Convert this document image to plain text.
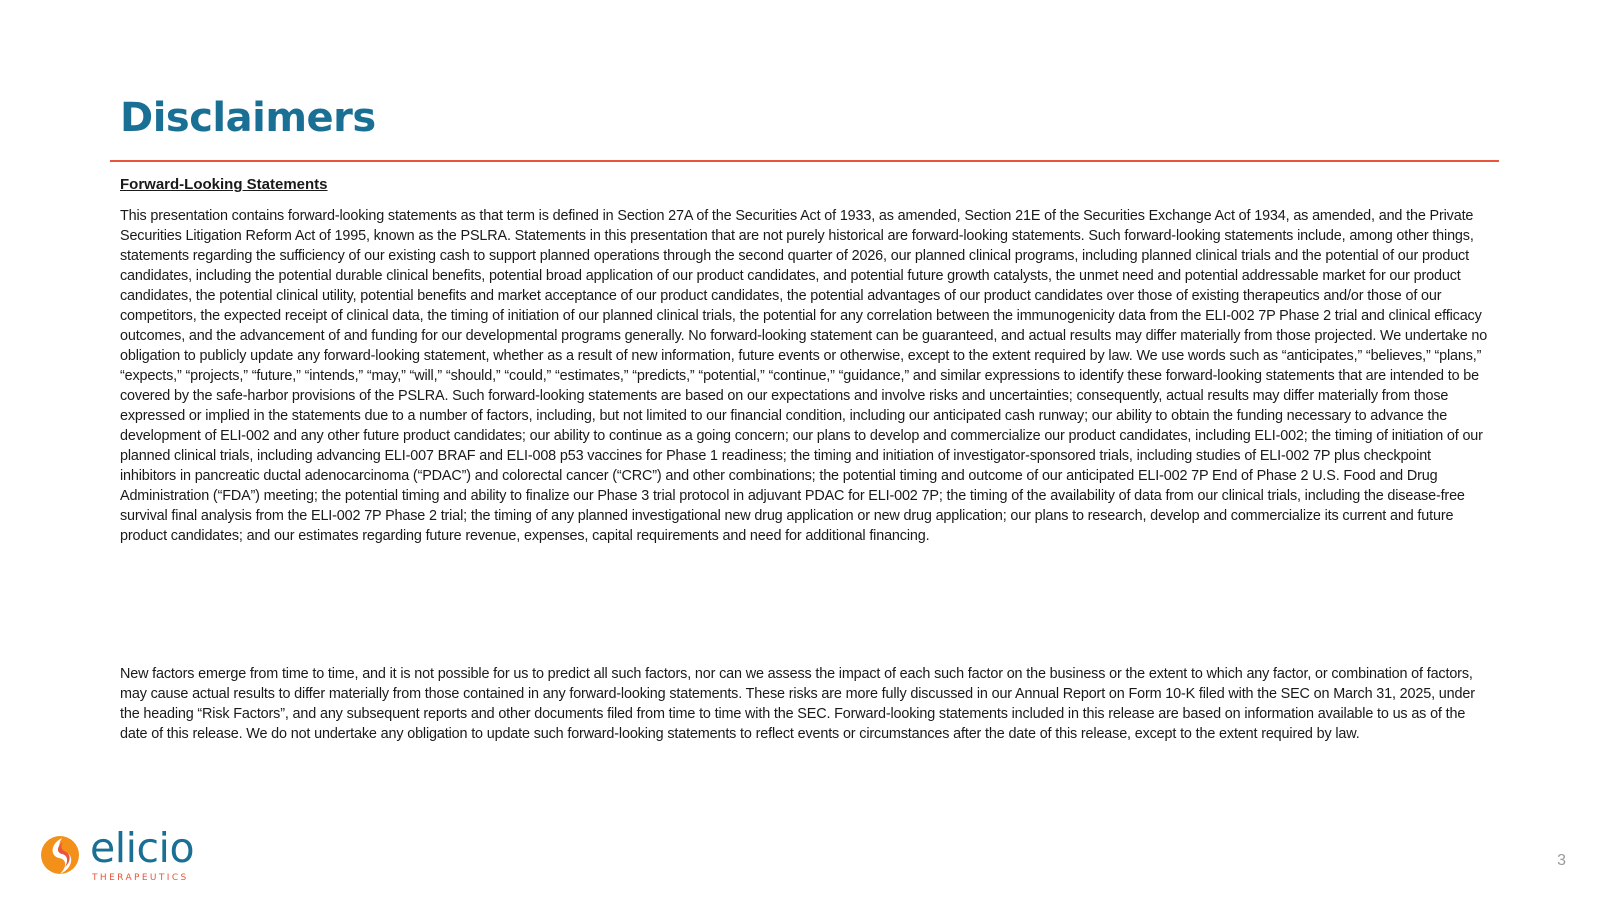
Disclaimers
Forward-Looking Statements

This presentation contains forward-looking statements as that term is defined in Section 27A of the Securities Act of 1933, as amended, Section 21E of the Securities Exchange Act of 1934, as amended, and the Private Securities Litigation Reform Act of 1995, known as the PSLRA. Statements in this presentation that are not purely historical are forward-looking statements. Such forward-looking statements include, among other things, statements regarding the sufficiency of our existing cash to support planned operations through the second quarter of 2026, our planned clinical programs, including planned clinical trials and the potential of our product candidates, including the potential durable clinical benefits, potential broad application of our product candidates, and potential future growth catalysts, the unmet need and potential addressable market for our product candidates, the potential clinical utility, potential benefits and market acceptance of our product candidates, the potential advantages of our product candidates over those of existing therapeutics and/or those of our competitors, the expected receipt of clinical data, the timing of initiation of our planned clinical trials, the potential for any correlation between the immunogenicity data from the ELI-002 7P Phase 2 trial and clinical efficacy outcomes, and the advancement of and funding for our developmental programs generally. No forward-looking statement can be guaranteed, and actual results may differ materially from those projected. We undertake no obligation to publicly update any forward-looking statement, whether as a result of new information, future events or otherwise, except to the extent required by law. We use words such as “anticipates,” “believes,” “plans,” “expects,” “projects,” “future,” “intends,” “may,” “will,” “should,” “could,” “estimates,” “predicts,” “potential,” “continue,” “guidance,” and similar expressions to identify these forward-looking statements that are intended to be covered by the safe-harbor provisions of the PSLRA. Such forward-looking statements are based on our expectations and involve risks and uncertainties; consequently, actual results may differ materially from those expressed or implied in the statements due to a number of factors, including, but not limited to our financial condition, including our anticipated cash runway; our ability to obtain the funding necessary to advance the development of ELI-002 and any other future product candidates; our ability to continue as a going concern; our plans to develop and commercialize our product candidates, including ELI-002; the timing of initiation of our planned clinical trials, including advancing ELI-007 BRAF and ELI-008 p53 vaccines for Phase 1 readiness; the timing and initiation of investigator-sponsored trials, including studies of ELI-002 7P plus checkpoint inhibitors in pancreatic ductal adenocarcinoma (“PDAC”) and colorectal cancer (“CRC”) and other combinations; the potential timing and outcome of our anticipated ELI-002 7P End of Phase 2 U.S. Food and Drug Administration (“FDA”) meeting; the potential timing and ability to finalize our Phase 3 trial protocol in adjuvant PDAC for ELI-002 7P; the timing of the availability of data from our clinical trials, including the disease-free survival final analysis from the ELI-002 7P Phase 2 trial; the timing of any planned investigational new drug application or new drug application; our plans to research, develop and commercialize its current and future product candidates; and our estimates regarding future revenue, expenses, capital requirements and need for additional financing.

New factors emerge from time to time, and it is not possible for us to predict all such factors, nor can we assess the impact of each such factor on the business or the extent to which any factor, or combination of factors, may cause actual results to differ materially from those contained in any forward-looking statements. These risks are more fully discussed in our Annual Report on Form 10-K filed with the SEC on March 31, 2025, under the heading “Risk Factors”, and any subsequent reports and other documents filed from time to time with the SEC. Forward-looking statements included in this release are based on information available to us as of the date of this release. We do not undertake any obligation to update such forward-looking statements to reflect events or circumstances after the date of this release, except to the extent required by law.

elicio
THERAPEUTICS
3
